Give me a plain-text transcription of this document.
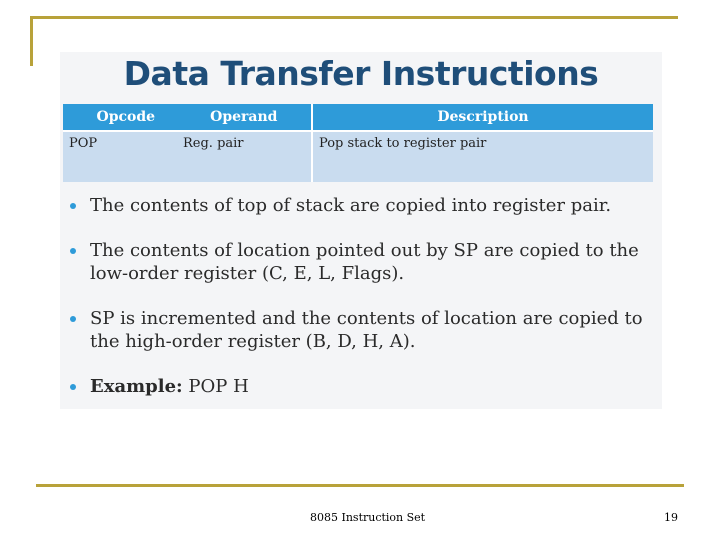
Data Transfer Instructions
Opcode Operand	Description

POP Reg. pair	Pop stack to register pair
The contents of top of stack are copied into register pair.
The contents of location pointed out by SP are copied to the low-order register (C, E, L, Flags).
SP is incremented and the contents of location are copied to the high-order register (B, D, H, A).
Example: POP H
8085 Instruction Set	19
